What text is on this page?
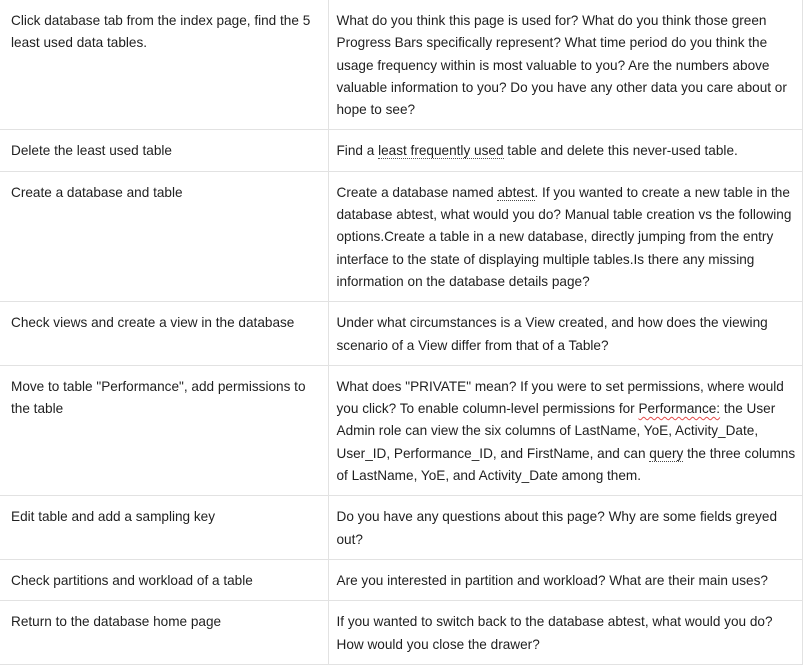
Click database tab from the index page, find the 5 least used data tables.	What do you think this page is used for? What do you think those green Progress Bars specifically represent? What time period do you think the usage frequency within is most valuable to you? Are the numbers above valuable information to you? Do you have any other data you care about or hope to see?
Delete the least used table	Find a least frequently used table and delete this never-used table.
Create a database and table	Create a database named abtest. If you wanted to create a new table in the database abtest, what would you do? Manual table creation vs the following options.Create a table in a new database, directly jumping from the entry interface to the state of displaying multiple tables.Is there any missing information on the database details page?
Check views and create a view in the database	Under what circumstances is a View created, and how does the viewing scenario of a View differ from that of a Table?
Move to table "Performance", add permissions to the table	What does "PRIVATE" mean? If you were to set permissions, where would you click? To enable column-level permissions for Performance: the User Admin role can view the six columns of LastName, YoE, Activity_Date, User_ID, Performance_ID, and FirstName, and can query the three columns of LastName, YoE, and Activity_Date among them.
Edit table and add a sampling key	Do you have any questions about this page? Why are some fields greyed out?
Check partitions and workload of a table	Are you interested in partition and workload? What are their main uses?
Return to the database home page	If you wanted to switch back to the database abtest, what would you do? How would you close the drawer?
